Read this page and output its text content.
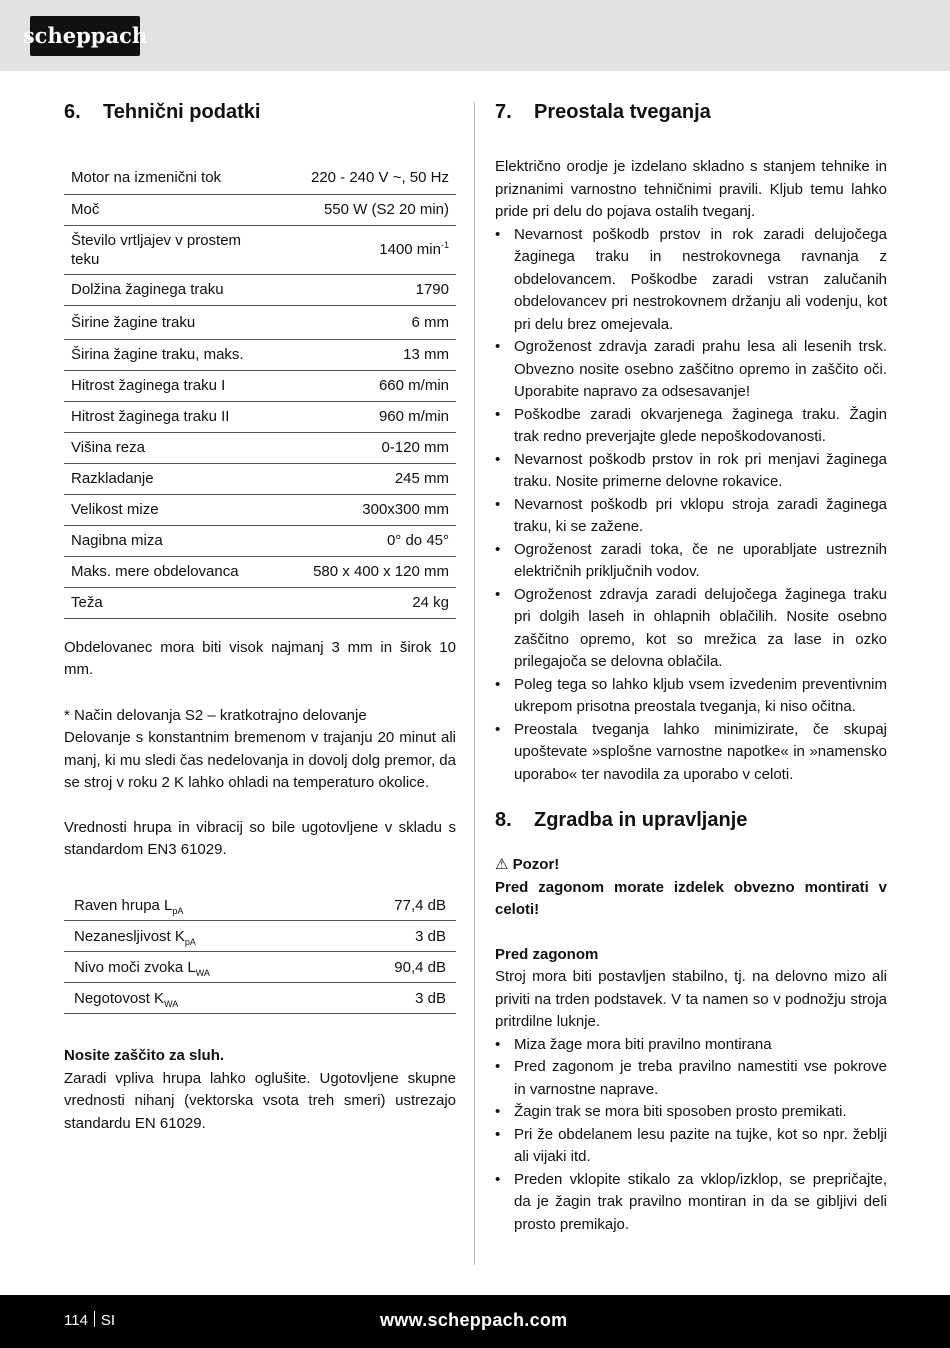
scheppach
6.	Tehnični podatki
Motor na izmenični tok	220 - 240 V ~, 50 Hz
Moč	550 W (S2 20 min)
Število vrtljajev v prostem teku	1400 $\min^{-1}$
Dolžina žaginega traku	1790
Širine žagine traku	6 mm
Širina žagine traku, maks.	13 mm
Hitrost žaginega traku I	660 m/min
Hitrost žaginega traku II	960 m/min
Višina reza	0-120 mm
Razkladanje	245 mm
Velikost mize	300x300 mm
Nagibna miza	0° do 45°
Maks. mere obdelovanca	580 x 400 x 120 mm
Teža	24 kg

Obdelovanec mora biti visok najmanj 3 mm in širok 10 mm.

* Način delovanja S2 – kratkotrajno delovanje

Delovanje s konstantnim bremenom v trajanju 20 minut ali manj, ki mu sledi čas nedelovanja in dovolj dolg premor, da se stroj v roku 2 K lahko ohladi na temperaturo okolice.

Vrednosti hrupa in vibracij so bile ugotovljene v skladu s standardom EN3 61029.

Raven hrupa $L_{pA}$	77,4 dB
Nezanesljivost $K_{pA}$	3 dB
Nivo moči zvoka $L_{WA}$	90,4 dB
Negotovost $K_{WA}$	3 dB

Nosite zaščito za sluh.

Zaradi vpliva hrupa lahko oglušite. Ugotovljene skupne vrednosti nihanj (vektorska vsota treh smeri) ustrezajo standardu EN 61029.

7.	Preostala tveganja

Električno orodje je izdelano skladno s stanjem tehnike in priznanimi varnostno tehničnimi pravili. Kljub temu lahko pride pri delu do pojava ostalih tveganj.

• Nevarnost poškodb prstov in rok zaradi delujočega žaginega traku in nestrokovnega ravnanja z obdelovancem. Poškodbe zaradi vstran zalučanih obdelovancev pri nestrokovnem držanju ali vodenju, kot pri delu brez omejevala.
• Ogroženost zdravja zaradi prahu lesa ali lesenih trsk. Obvezno nosite osebno zaščitno opremo in zaščito oči. Uporabite napravo za odsesavanje!
• Poškodbe zaradi okvarjenega žaginega traku. Žagin trak redno preverjajte glede nepoškodovanosti.
• Nevarnost poškodb prstov in rok pri menjavi žaginega traku. Nosite primerne delovne rokavice.
• Nevarnost poškodb pri vklopu stroja zaradi žaginega traku, ki se zažene.
• Ogroženost zaradi toka, če ne uporabljate ustreznih električnih priključnih vodov.
• Ogroženost zdravja zaradi delujočega žaginega traku pri dolgih laseh in ohlapnih oblačilih. Nosite osebno zaščitno opremo, kot so mrežica za lase in ozko prilegajoča se delovna oblačila.
• Poleg tega so lahko kljub vsem izvedenim preventivnim ukrepom prisotna preostala tveganja, ki niso očitna.
• Preostala tveganja lahko minimizirate, če skupaj upoštevate »splošne varnostne napotke« in »namensko uporabo« ter navodila za uporabo v celoti.
8.	Zgradba in upravljanje

⚠ Pozor!

Pred zagonom morate izdelek obvezno montirati v celoti!

Pred zagonom

Stroj mora biti postavljen stabilno, tj. na delovno mizo ali priviti na trden podstavek. V ta namen so v podnožju stroja pritrdilne luknje.

• Miza žage mora biti pravilno montirana
• Pred zagonom je treba pravilno namestiti vse pokrove in varnostne naprave.
• Žagin trak se mora biti sposoben prosto premikati.
• Pri že obdelanem lesu pazite na tujke, kot so npr. žeblji ali vijaki itd.
• Preden vklopite stikalo za vklop/izklop, se prepričajte, da je žagin trak pravilno montiran in da se gibljivi deli prosto premikajo.
114 SI	www.scheppach.com
